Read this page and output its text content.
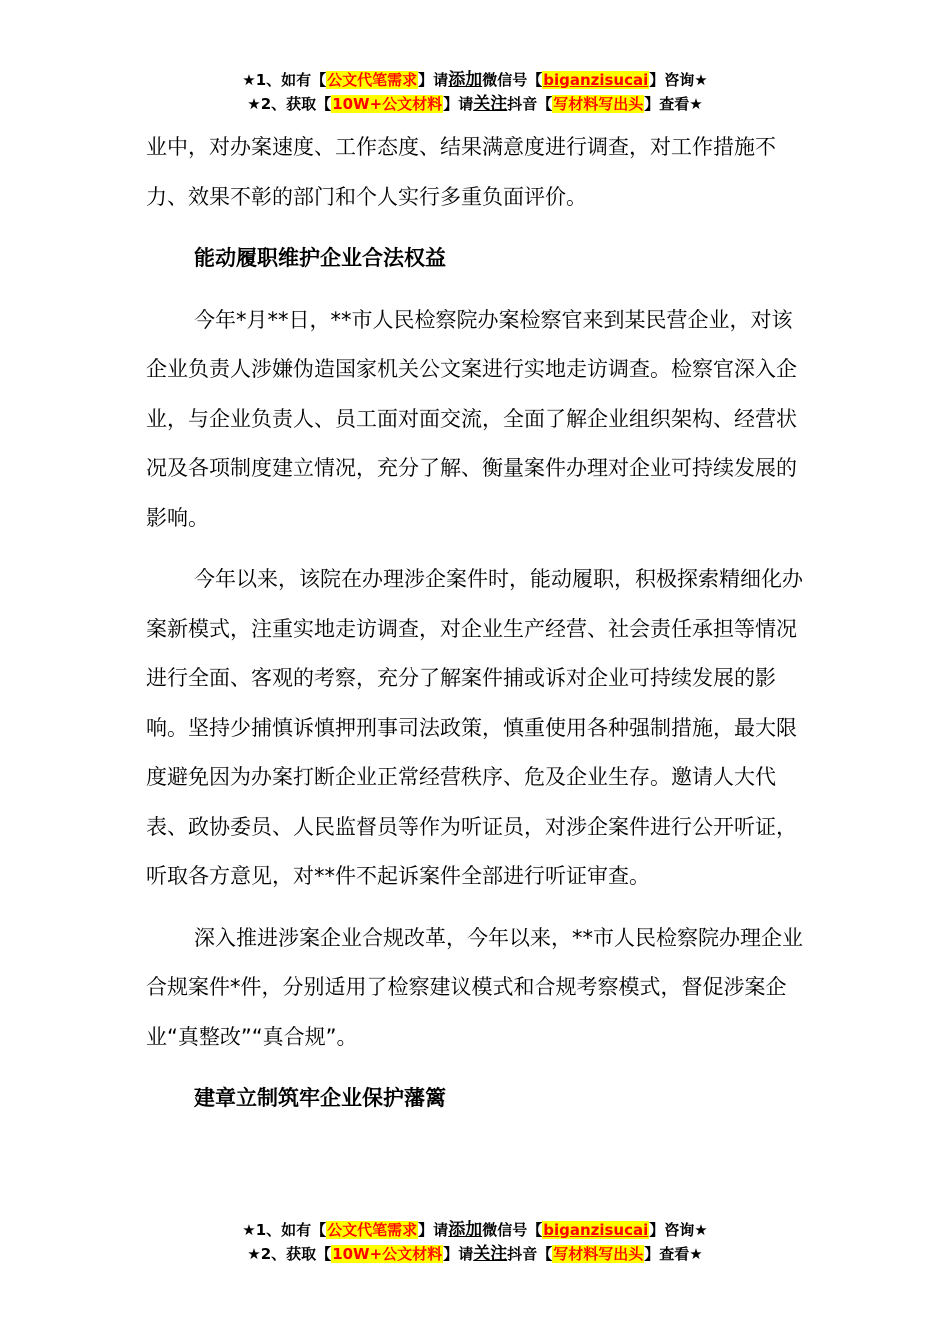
★1、如有【公文代笔需求】请添加微信号【biganzisucai】咨询★
★2、获取【10W+公文材料】请关注抖音【写材料写出头】查看★

业中，对办案速度、工作态度、结果满意度进行调查，对工作措施不力、效果不彰的部门和个人实行多重负面评价。

能动履职维护企业合法权益

今年*月**日，**市人民检察院办案检察官来到某民营企业，对该企业负责人涉嫌伪造国家机关公文案进行实地走访调查。检察官深入企业，与企业负责人、员工面对面交流，全面了解企业组织架构、经营状况及各项制度建立情况，充分了解、衡量案件办理对企业可持续发展的影响。

今年以来，该院在办理涉企案件时，能动履职，积极探索精细化办案新模式，注重实地走访调查，对企业生产经营、社会责任承担等情况进行全面、客观的考察，充分了解案件捕或诉对企业可持续发展的影响。坚持少捕慎诉慎押刑事司法政策，慎重使用各种强制措施，最大限度避免因为办案打断企业正常经营秩序、危及企业生存。邀请人大代表、政协委员、人民监督员等作为听证员，对涉企案件进行公开听证，听取各方意见，对**件不起诉案件全部进行听证审查。

深入推进涉案企业合规改革，今年以来，**市人民检察院办理企业合规案件*件，分别适用了检察建议模式和合规考察模式，督促涉案企业“真整改”“真合规”。

建章立制筑牢企业保护藩篱

★1、如有【公文代笔需求】请添加微信号【biganzisucai】咨询★
★2、获取【10W+公文材料】请关注抖音【写材料写出头】查看★
